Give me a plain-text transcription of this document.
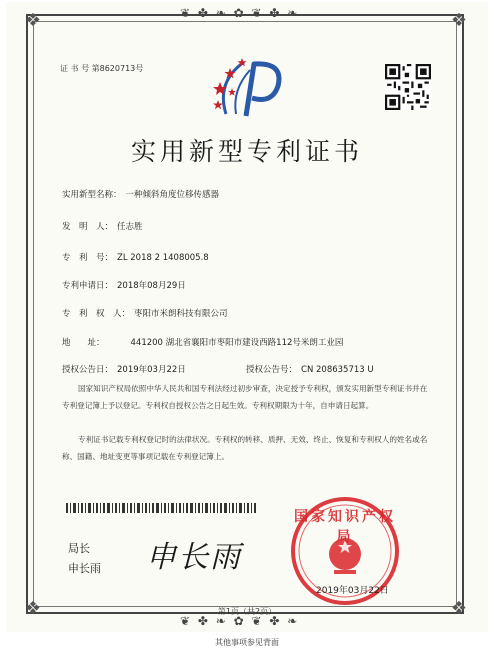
❦ ✤ ❧ ✿ ❦ ✤ ❧
❦ ✤ ❧ ✿ ❦ ✤ ❧
❖	❖
❖	❖
证 书 号 第8620713号
实用新型专利证书
实用新型名称： 一种倾斜角度位移传感器
发　明　人： 任志胜
专　利　号： ZL 2018 2 1408005.8
专利申请日： 2018年08月29日
专　利　权　人： 枣阳市米朗科技有限公司
地　　址：	441200 湖北省襄阳市枣阳市建设西路112号米朗工业园
授权公告日： 2019年03月22日	授权公告号： CN 208635713 U
国家知识产权局依照中华人民共和国专利法经过初步审查，决定授予专利权，颁发实用新型专利证书并在专利登记簿上予以登记。专利权自授权公告之日起生效。专利权期限为十年，自申请日起算。
专利证书记载专利权登记时的法律状况。专利权的转移、质押、无效、终止、恢复和专利权人的姓名或名称、国籍、地址变更等事项记载在专利登记簿上。
局长
申长雨 申长雨
国家知识产权局
2019年03月22日
第1页（共2页）
其他事项参见背面
